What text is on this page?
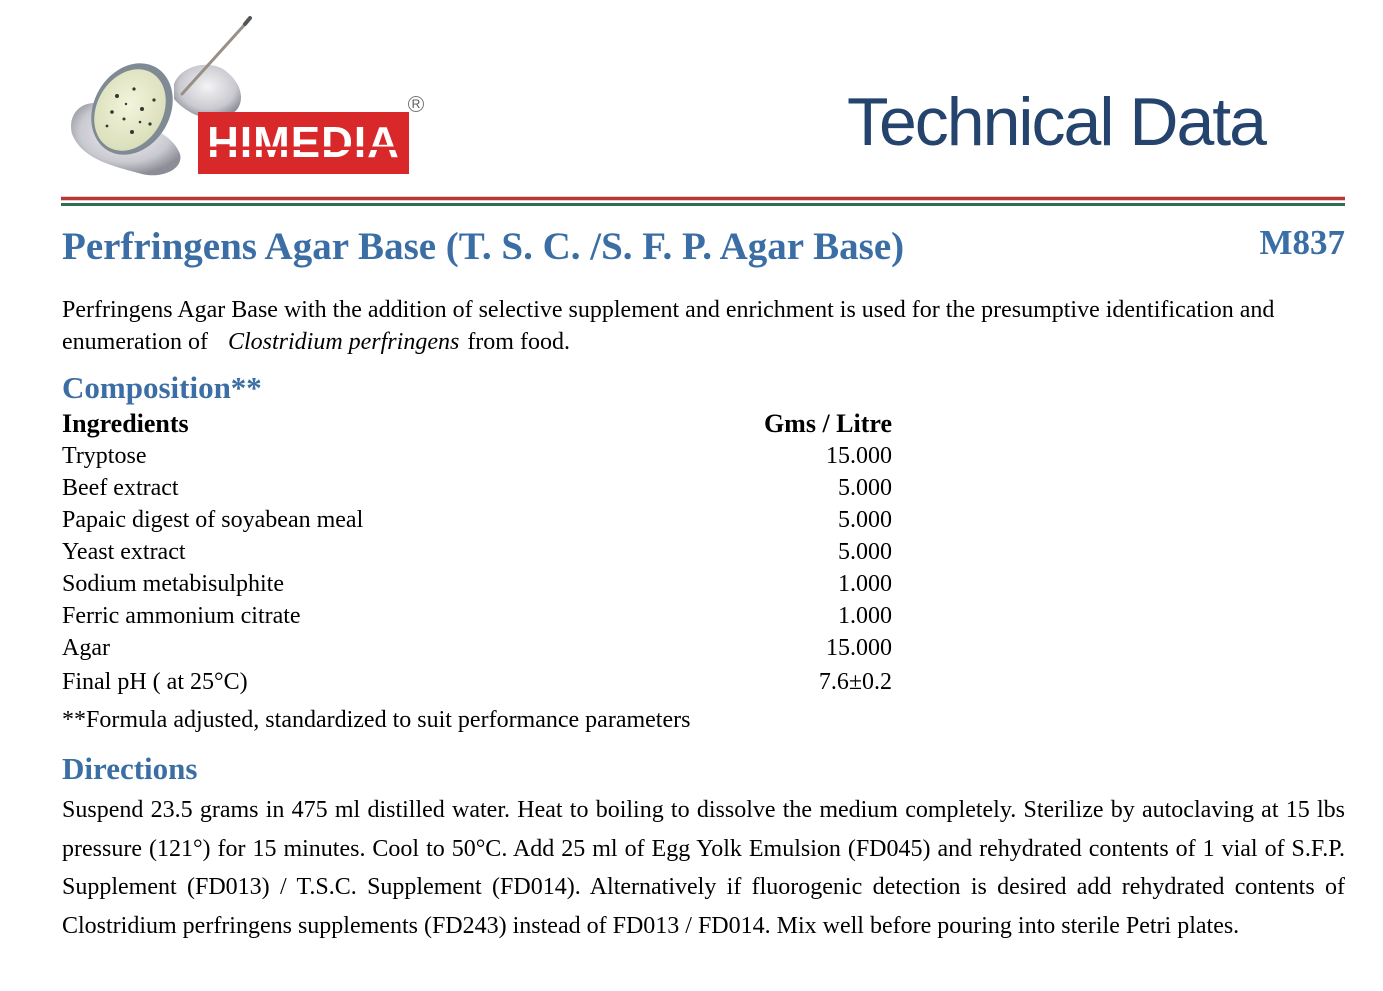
HIMEDIA
R	Technical Data
Perfringens Agar Base (T. S. C. /S. F. P. Agar Base)	M837

Perfringens Agar Base with the addition of selective supplement and enrichment is used for the presumptive identification and enumeration of Clostridium perfringens from food.

Composition**
Ingredients	Gms / Litre
Tryptose	15.000
Beef extract	5.000
Papaic digest of soyabean meal	5.000
Yeast extract	5.000
Sodium metabisulphite	1.000
Ferric ammonium citrate	1.000
Agar	15.000
Final pH ( at 25°C)	7.6±0.2
**Formula adjusted, standardized to suit performance parameters
Directions

Suspend 23.5 grams in 475 ml distilled water. Heat to boiling to dissolve the medium completely. Sterilize by autoclaving at 15 lbs pressure (121°) for 15 minutes. Cool to 50°C. Add 25 ml of Egg Yolk Emulsion (FD045) and rehydrated contents of 1 vial of S.F.P. Supplement (FD013) / T.S.C. Supplement (FD014). Alternatively if fluorogenic detection is desired add rehydrated contents of Clostridium perfringens supplements (FD243) instead of FD013 / FD014. Mix well before pouring into sterile Petri plates.
